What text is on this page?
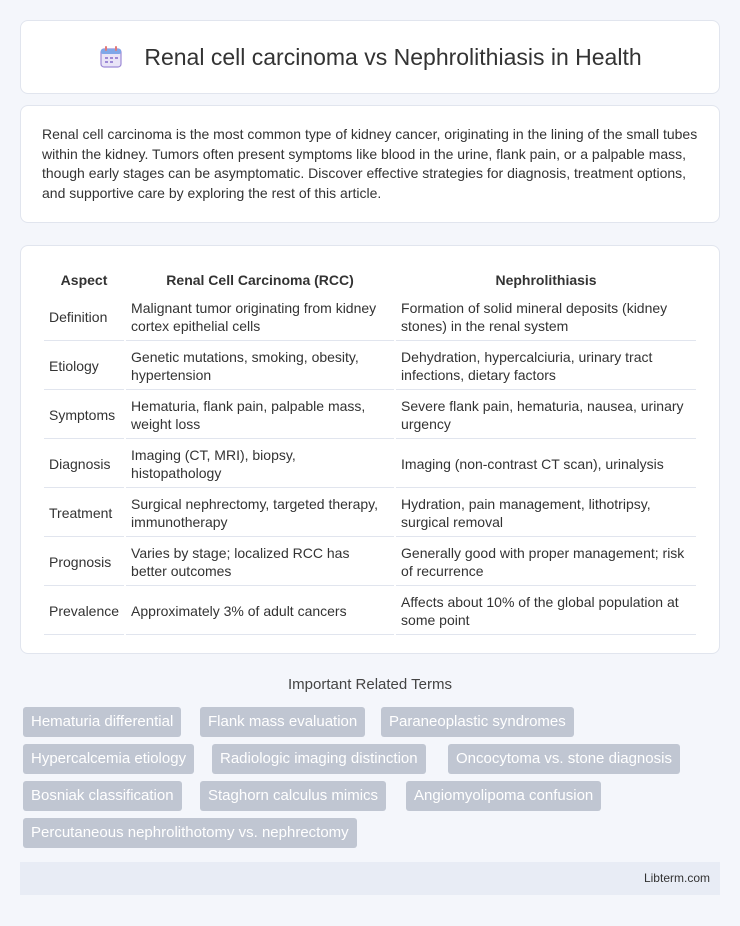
Renal cell carcinoma vs Nephrolithiasis in Health

Renal cell carcinoma is the most common type of kidney cancer, originating in the lining of the small tubes within the kidney. Tumors often present symptoms like blood in the urine, flank pain, or a palpable mass, though early stages can be asymptomatic. Discover effective strategies for diagnosis, treatment options, and supportive care by exploring the rest of this article.

Aspect	Renal Cell Carcinoma (RCC)	Nephrolithiasis
Definition	Malignant tumor originating from kidney cortex epithelial cells	Formation of solid mineral deposits (kidney stones) in the renal system
Etiology	Genetic mutations, smoking, obesity, hypertension	Dehydration, hypercalciuria, urinary tract infections, dietary factors
Symptoms	Hematuria, flank pain, palpable mass, weight loss	Severe flank pain, hematuria, nausea, urinary urgency
Diagnosis	Imaging (CT, MRI), biopsy, histopathology	Imaging (non-contrast CT scan), urinalysis
Treatment	Surgical nephrectomy, targeted therapy, immunotherapy	Hydration, pain management, lithotripsy, surgical removal
Prognosis	Varies by stage; localized RCC has better outcomes	Generally good with proper management; risk of recurrence
Prevalence	Approximately 3% of adult cancers	Affects about 10% of the global population at some point
Important Related Terms
Hematuria differential	Flank mass evaluation	Paraneoplastic syndromes
Hypercalcemia etiology	Radiologic imaging distinction	Oncocytoma vs. stone diagnosis
Bosniak classification	Staghorn calculus mimics	Angiomyolipoma confusion
Percutaneous nephrolithotomy vs. nephrectomy
Libterm.com
